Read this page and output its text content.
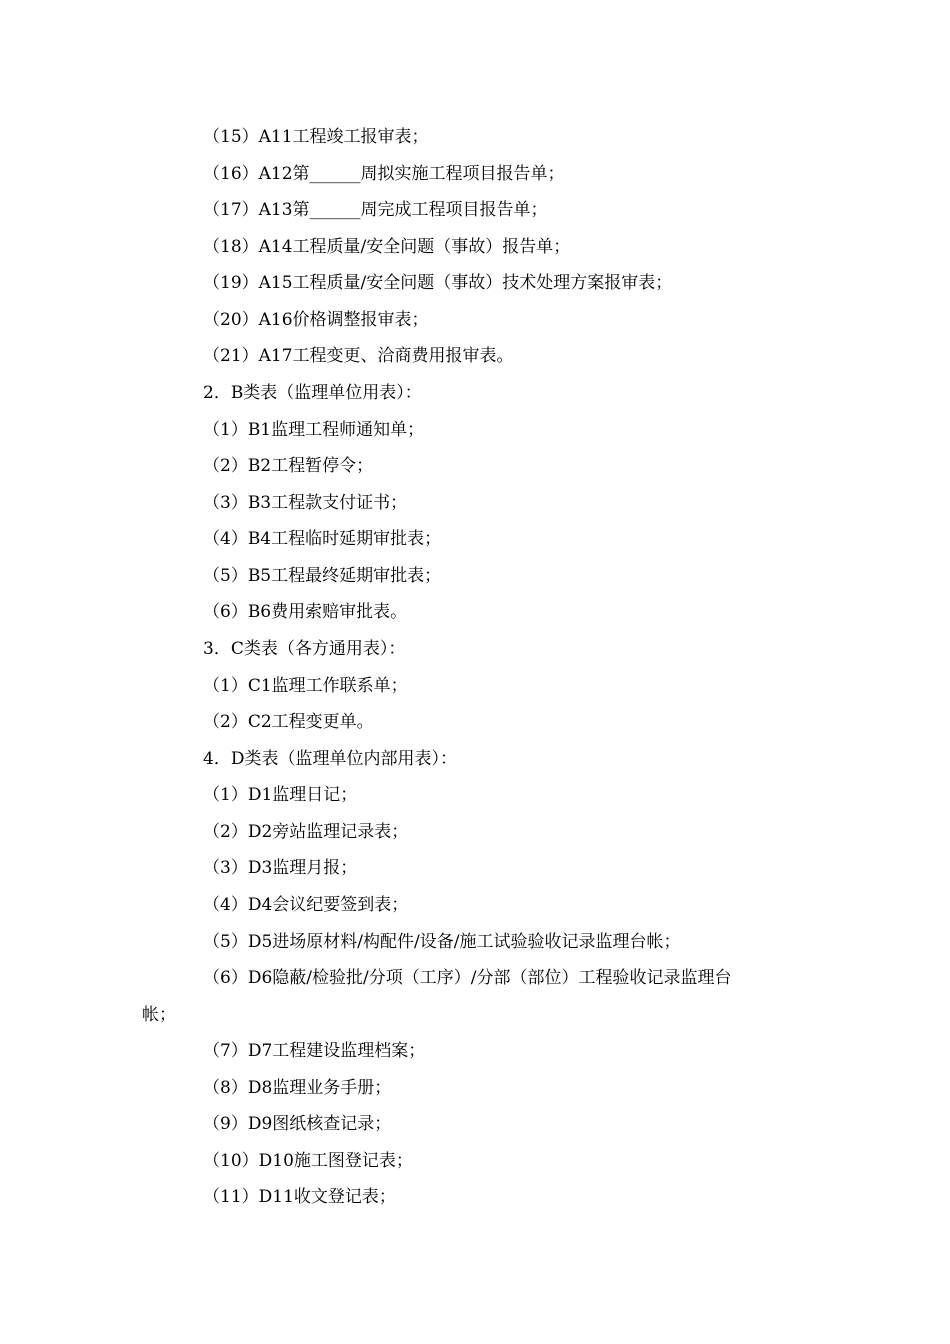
（15）A11工程竣工报审表；
（16）A12第______周拟实施工程项目报告单；
（17）A13第______周完成工程项目报告单；
（18）A14工程质量/安全问题（事故）报告单；
（19）A15工程质量/安全问题（事故）技术处理方案报审表；
（20）A16价格调整报审表；
（21）A17工程变更、洽商费用报审表。
2．B类表（监理单位用表）：
（1）B1监理工程师通知单；
（2）B2工程暂停令；
（3）B3工程款支付证书；
（4）B4工程临时延期审批表；
（5）B5工程最终延期审批表；
（6）B6费用索赔审批表。
3．C类表（各方通用表）：
（1）C1监理工作联系单；
（2）C2工程变更单。
4．D类表（监理单位内部用表）：
（1）D1监理日记；
（2）D2旁站监理记录表；
（3）D3监理月报；
（4）D4会议纪要签到表；
（5）D5进场原材料/构配件/设备/施工试验验收记录监理台帐；
（6）D6隐蔽/检验批/分项（工序）/分部（部位）工程验收记录监理台
帐；
（7）D7工程建设监理档案；
（8）D8监理业务手册；
（9）D9图纸核查记录；
（10）D10施工图登记表；
（11）D11收文登记表；
